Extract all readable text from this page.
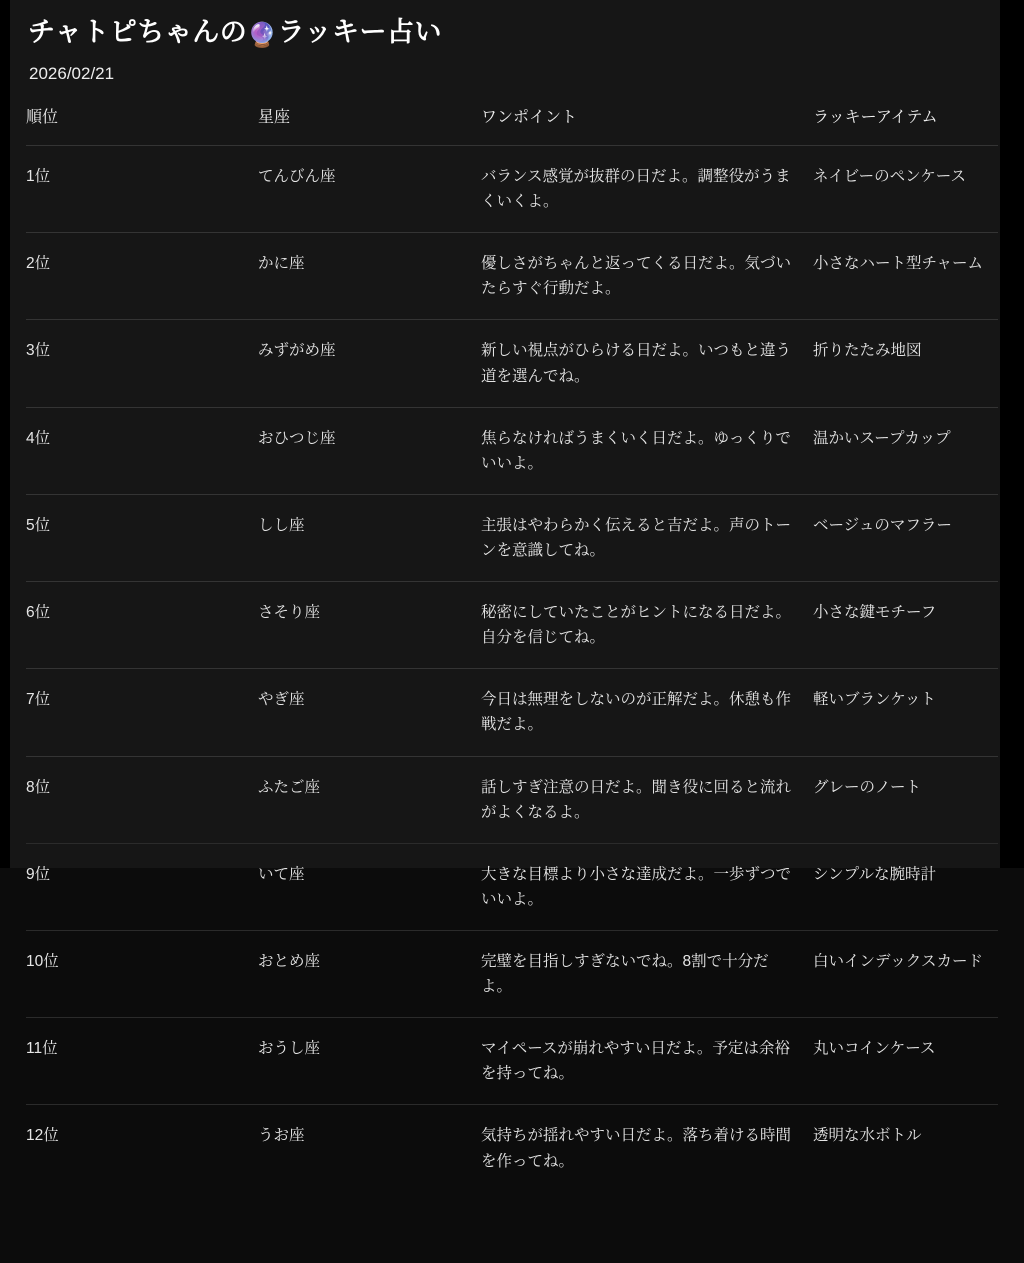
チャトピちゃんの🔮ラッキー占い
2026/02/21
順位	星座	ワンポイント	ラッキーアイテム
1位	てんびん座	バランス感覚が抜群の日だよ。調整役がうまくいくよ。	ネイビーのペンケース
2位	かに座	優しさがちゃんと返ってくる日だよ。気づいたらすぐ行動だよ。	小さなハート型チャーム
3位	みずがめ座	新しい視点がひらける日だよ。いつもと違う道を選んでね。	折りたたみ地図
4位	おひつじ座	焦らなければうまくいく日だよ。ゆっくりでいいよ。	温かいスープカップ
5位	しし座	主張はやわらかく伝えると吉だよ。声のトーンを意識してね。	ベージュのマフラー
6位	さそり座	秘密にしていたことがヒントになる日だよ。自分を信じてね。	小さな鍵モチーフ
7位	やぎ座	今日は無理をしないのが正解だよ。休憩も作戦だよ。	軽いブランケット
8位	ふたご座	話しすぎ注意の日だよ。聞き役に回ると流れがよくなるよ。	グレーのノート
9位	いて座	大きな目標より小さな達成だよ。一歩ずつでいいよ。	シンプルな腕時計
10位	おとめ座	完璧を目指しすぎないでね。8割で十分だよ。	白いインデックスカード
11位	おうし座	マイペースが崩れやすい日だよ。予定は余裕を持ってね。	丸いコインケース
12位	うお座	気持ちが揺れやすい日だよ。落ち着ける時間を作ってね。	透明な水ボトル
